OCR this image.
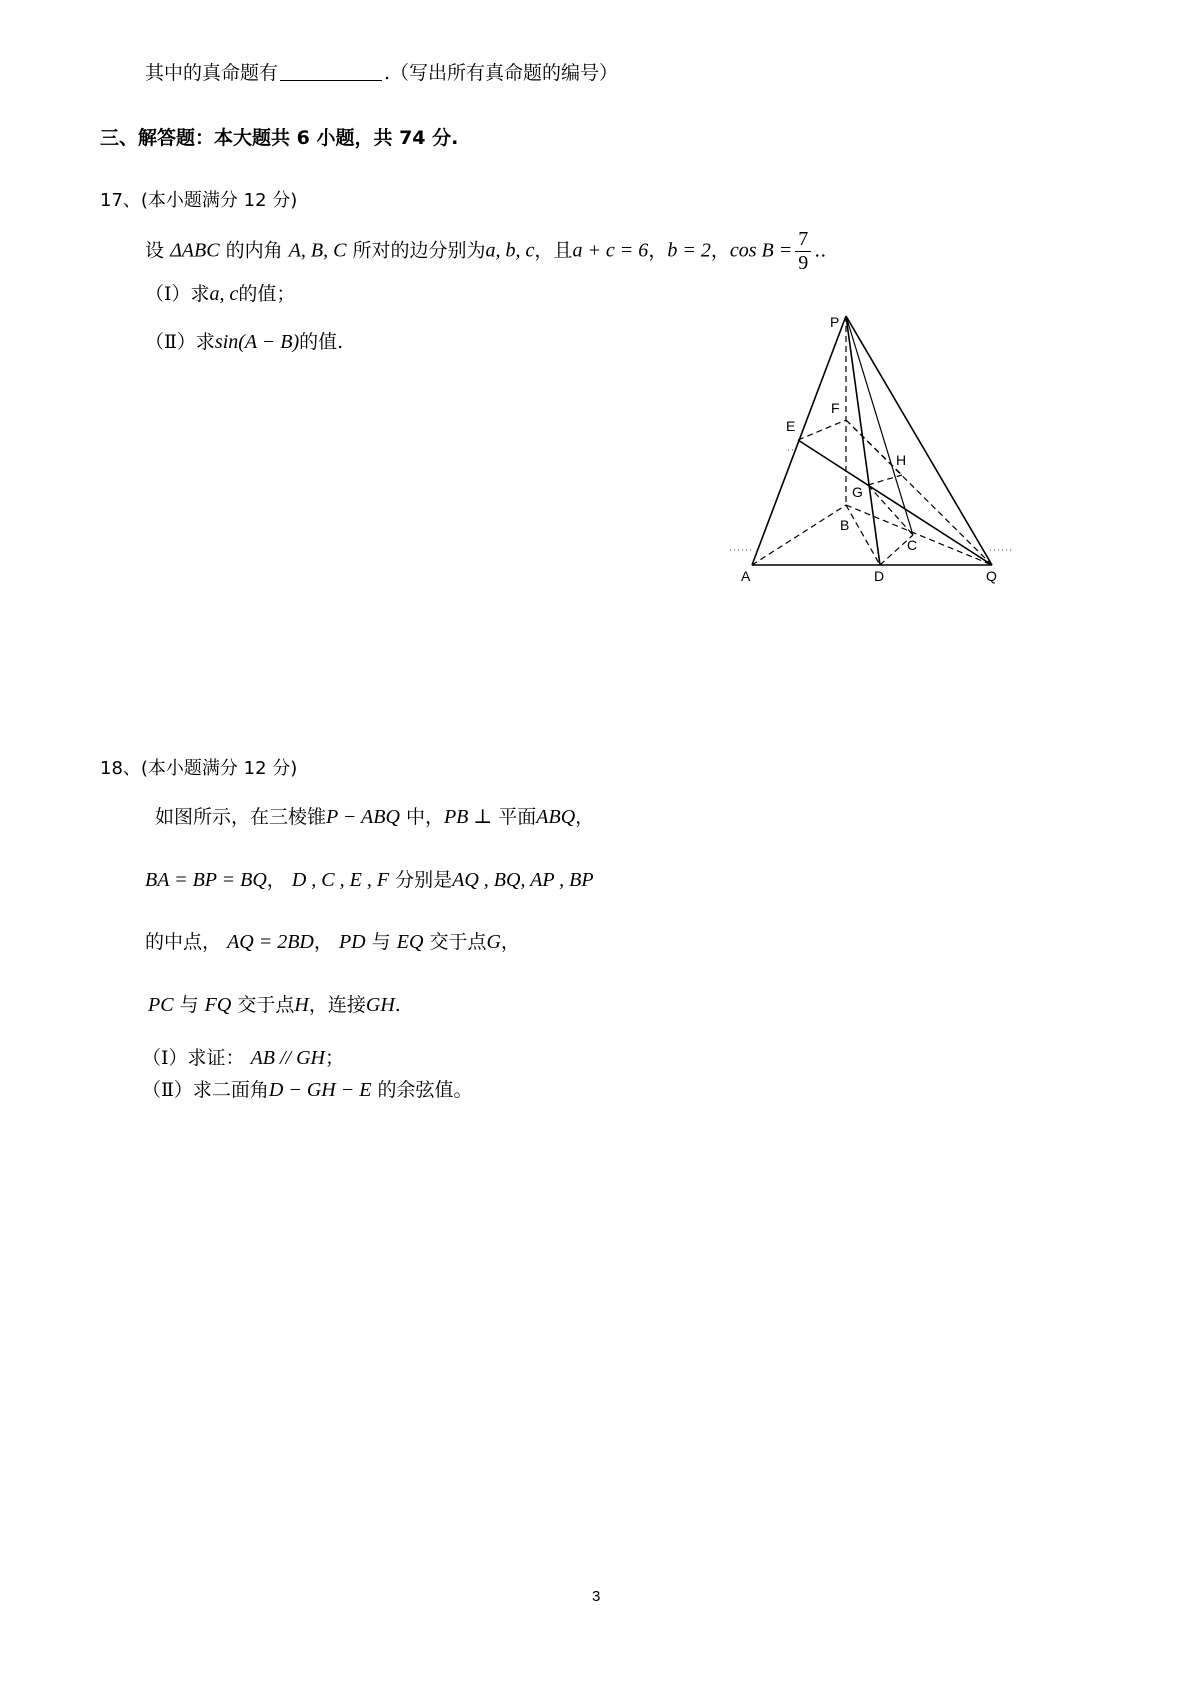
其中的真命题有	.（写出所有真命题的编号）
三、解答题：本大题共 6 小题，共 74 分.
17、(本小题满分 12 分)
设 ΔABC 的内角 A, B, C 所对的边分别为a, b, c，且a + c = 6，b = 2，$\cos B = \frac{7}{9}$ ..
（Ⅰ）求a, c的值；
（Ⅱ）求sin(A − B)的值.
P
E
F
H
G
B
C
A	D	Q
18、(本小题满分 12 分)
如图所示，在三棱锥P − ABQ 中，PB ⊥ 平面ABQ，
BA = BP = BQ， D , C , E , F 分别是AQ , BQ, AP , BP
的中点， AQ = 2BD， PD 与 EQ 交于点G，
PC 与 FQ 交于点H，连接GH.
（Ⅰ）求证： AB // GH；
（Ⅱ）求二面角D − GH − E 的余弦值。
3
